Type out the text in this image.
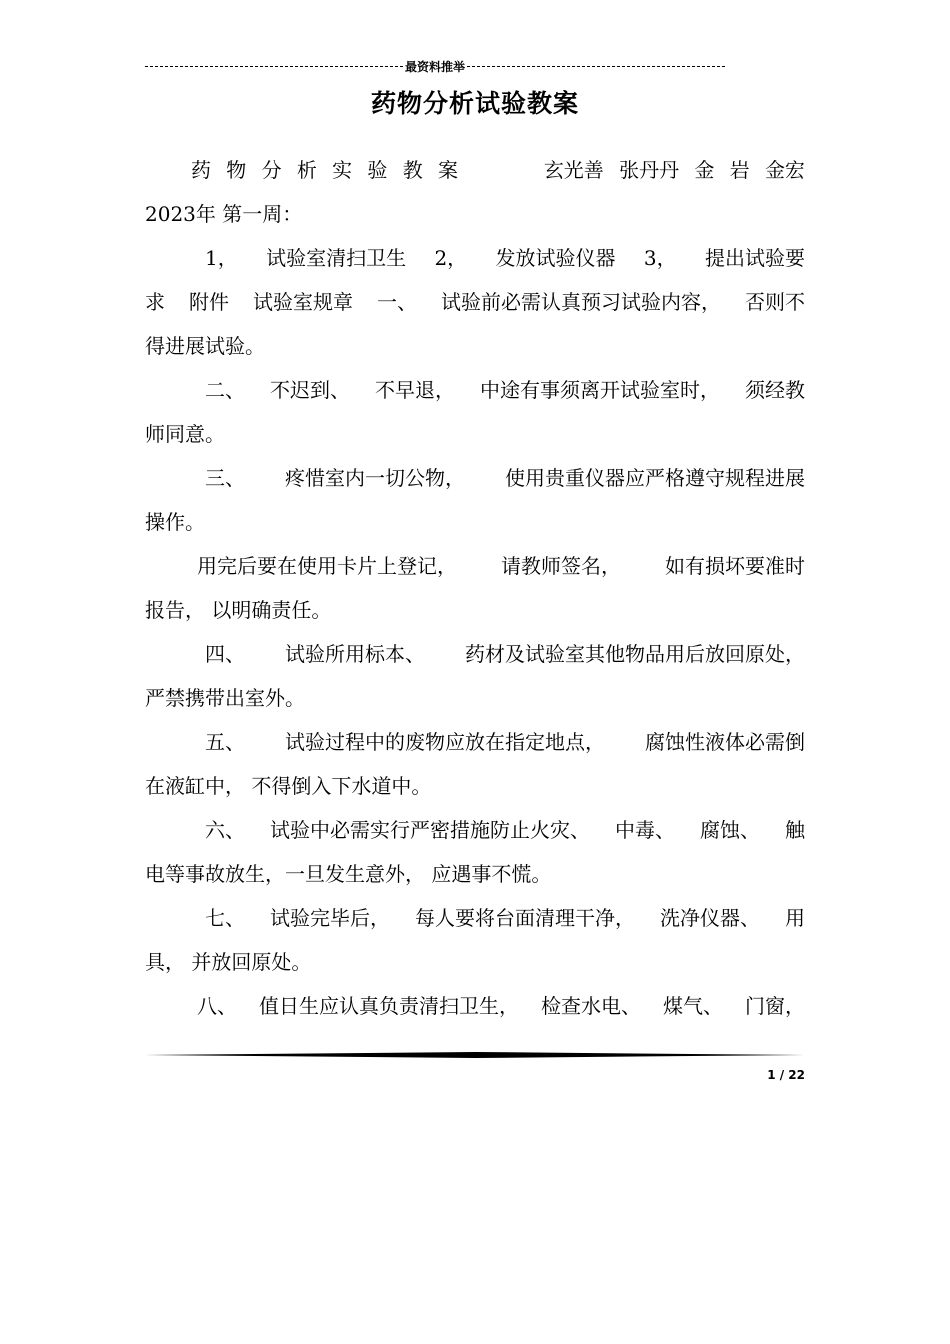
最资料推举
药物分析试验教案
药 物 分 析 实 验 教 案

　	玄光善 张丹丹 金 岩 金宏
2023年 第一周：
1， 试验室清扫卫生 2， 发放试验仪器 3， 提出试验要
求 附件 试验室规章 一、 试验前必需认真预习试验内容， 否则不
得进展试验。
二、 不迟到、 不早退， 中途有事须离开试验室时， 须经教
师同意。
三、 疼惜室内一切公物， 使用贵重仪器应严格遵守规程进展
操作。
用完后要在使用卡片上登记， 请教师签名， 如有损坏要准时
报告， 以明确责任。
四、 试验所用标本、 药材及试验室其他物品用后放回原处，
严禁携带出室外。
五、 试验过程中的废物应放在指定地点， 腐蚀性液体必需倒
在液缸中， 不得倒入下水道中。
六、 试验中必需实行严密措施防止火灾、 中毒、 腐蚀、 触
电等事故放生，一旦发生意外， 应遇事不慌。
七、 试验完毕后， 每人要将台面清理干净， 洗净仪器、 用
具， 并放回原处。
八、 值日生应认真负责清扫卫生， 检查水电、 煤气、 门窗，
1 / 22
